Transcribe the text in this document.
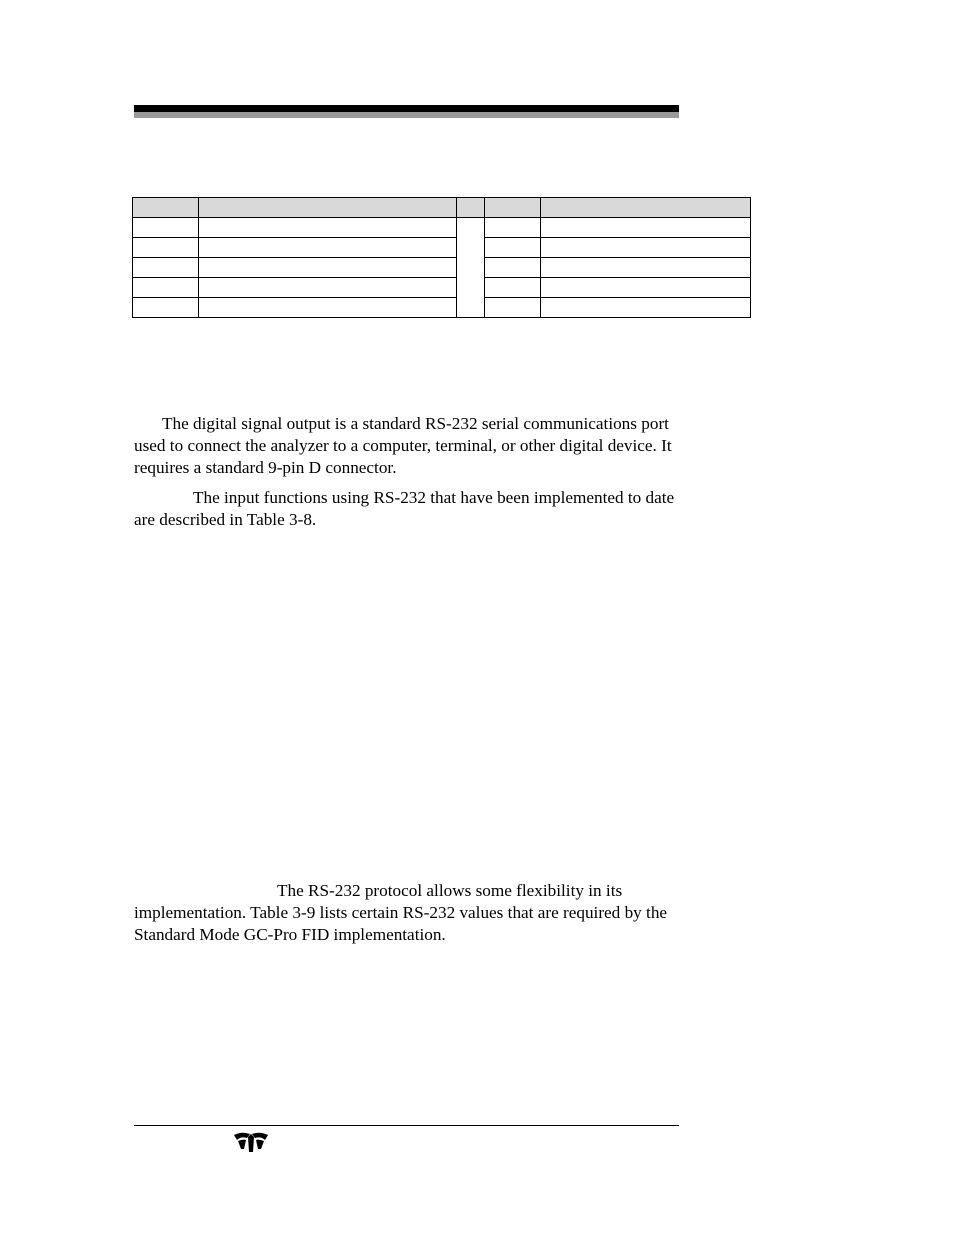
The digital signal output is a standard RS-232 serial communications port used to connect the analyzer to a computer, terminal, or other digital device. It requires a standard 9-pin D connector.

The input functions using RS-232 that have been implemented to date are described in Table 3-8.

The RS-232 protocol allows some flexibility in its implementation. Table 3-9 lists certain RS-232 values that are required by the Standard Mode GC-Pro FID implementation.
